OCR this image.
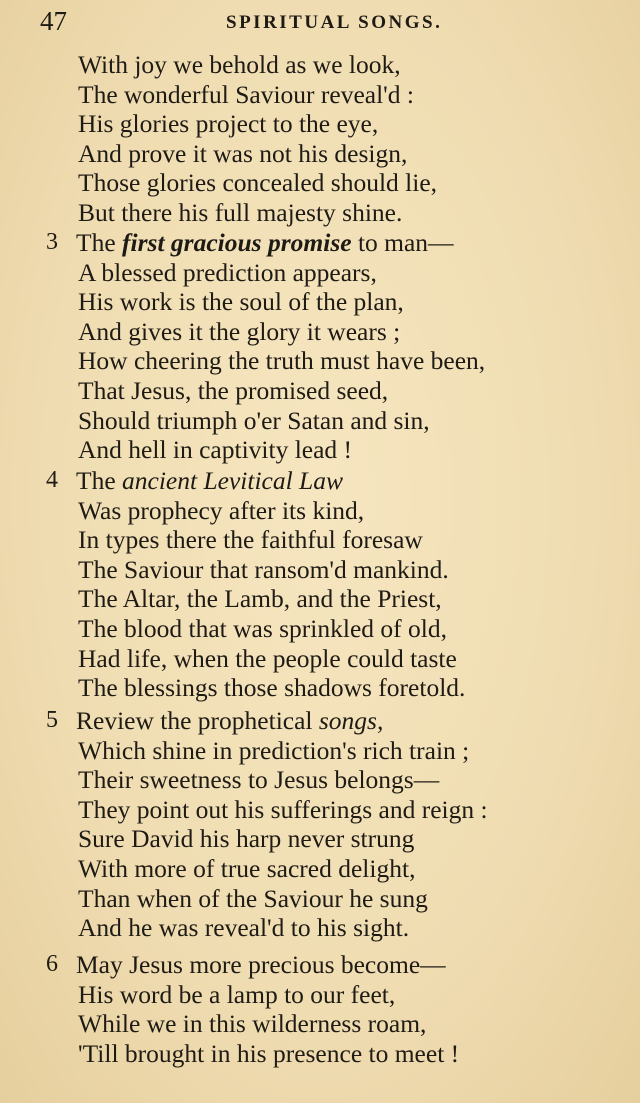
47	SPIRITUAL SONGS.
With joy we behold as we look,
The wonderful Saviour reveal'd :
His glories project to the eye,
And prove it was not his design,
Those glories concealed should lie,
But there his full majesty shine.
3 The first gracious promise to man—
A blessed prediction appears,
His work is the soul of the plan,
And gives it the glory it wears ;
How cheering the truth must have been,
That Jesus, the promised seed,
Should triumph o'er Satan and sin,
And hell in captivity lead !
4 The ancient Levitical Law
Was prophecy after its kind,
In types there the faithful foresaw
The Saviour that ransom'd mankind.
The Altar, the Lamb, and the Priest,
The blood that was sprinkled of old,
Had life, when the people could taste
The blessings those shadows foretold.
5 Review the prophetical songs,
Which shine in prediction's rich train ;
Their sweetness to Jesus belongs—
They point out his sufferings and reign :
Sure David his harp never strung
With more of true sacred delight,
Than when of the Saviour he sung
And he was reveal'd to his sight.
6 May Jesus more precious become—
His word be a lamp to our feet,
While we in this wilderness roam,
'Till brought in his presence to meet !
